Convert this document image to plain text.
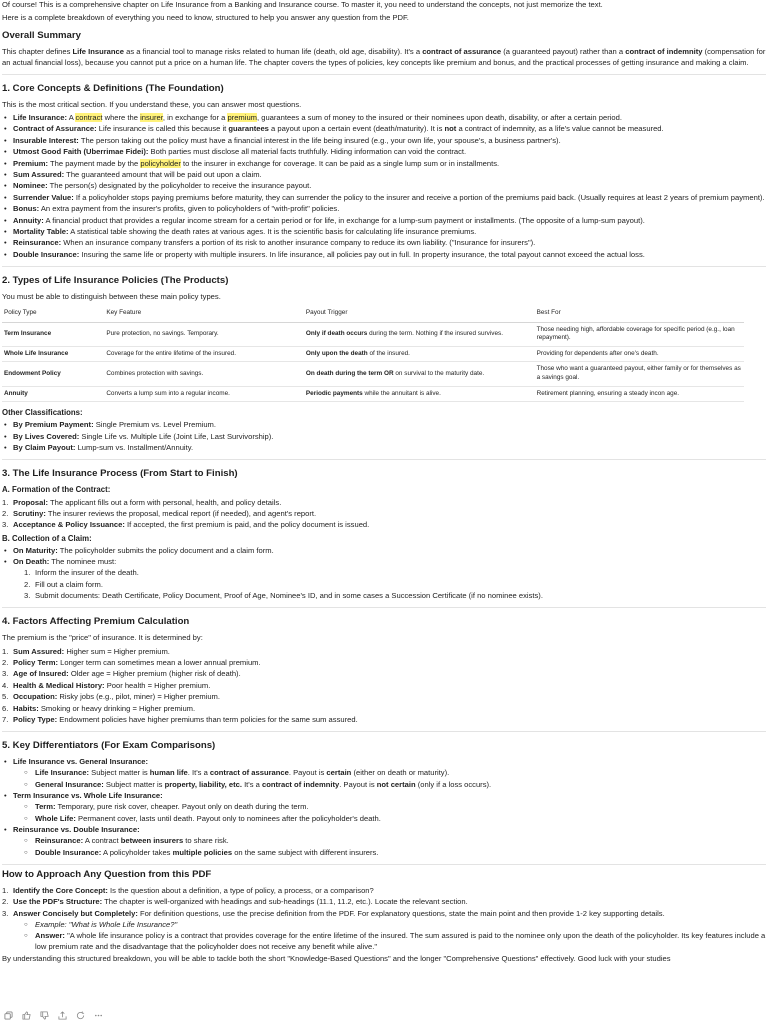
Of course! This is a comprehensive chapter on Life Insurance from a Banking and Insurance course. To master it, you need to understand the concepts, not just memorize the text.

Here is a complete breakdown of everything you need to know, structured to help you answer any question from the PDF.

Overall Summary

This chapter defines Life Insurance as a financial tool to manage risks related to human life (death, old age, disability). It's a contract of assurance (a guaranteed payout) rather than a contract of indemnity (compensation for an actual financial loss), because you cannot put a price on a human life. The chapter covers the types of policies, key concepts like premium and bonus, and the practical processes of getting insurance and making a claim.

1. Core Concepts & Definitions (The Foundation)

This is the most critical section. If you understand these, you can answer most questions.

• Life Insurance: A contract where the insurer, in exchange for a premium, guarantees a sum of money to the insured or their nominees upon death, disability, or after a certain period.
• Contract of Assurance: Life insurance is called this because it guarantees a payout upon a certain event (death/maturity). It is not a contract of indemnity, as a life's value cannot be measured.
• Insurable Interest: The person taking out the policy must have a financial interest in the life being insured (e.g., your own life, your spouse's, a business partner's).
• Utmost Good Faith (Uberrimae Fidei): Both parties must disclose all material facts truthfully. Hiding information can void the contract.
• Premium: The payment made by the policyholder to the insurer in exchange for coverage. It can be paid as a single lump sum or in installments.
• Sum Assured: The guaranteed amount that will be paid out upon a claim.
• Nominee: The person(s) designated by the policyholder to receive the insurance payout.
• Surrender Value: If a policyholder stops paying premiums before maturity, they can surrender the policy to the insurer and receive a portion of the premiums paid back. (Usually requires at least 2 years of premium payment).
• Bonus: An extra payment from the insurer's profits, given to policyholders of "with-profit" policies.
• Annuity: A financial product that provides a regular income stream for a certain period or for life, in exchange for a lump-sum payment or installments. (The opposite of a lump-sum payout).
• Mortality Table: A statistical table showing the death rates at various ages. It is the scientific basis for calculating life insurance premiums.
• Reinsurance: When an insurance company transfers a portion of its risk to another insurance company to reduce its own liability. ("Insurance for insurers").
• Double Insurance: Insuring the same life or property with multiple insurers. In life insurance, all policies pay out in full. In property insurance, the total payout cannot exceed the actual loss.
2. Types of Life Insurance Policies (The Products)

You must be able to distinguish between these main policy types.

Policy Type	Key Feature	Payout Trigger	Best For
Term Insurance	Pure protection, no savings. Temporary.	Only if death occurs during the term. Nothing if the insured survives.	Those needing high, affordable coverage for specific period (e.g., loan repayment).
Whole Life Insurance	Coverage for the entire lifetime of the insured.	Only upon the death of the insured.	Providing for dependents after one's death.
Endowment Policy	Combines protection with savings.	On death during the term OR on survival to the maturity date.	Those who want a guaranteed payout, either family or for themselves as a savings goal.
Annuity	Converts a lump sum into a regular income.	Periodic payments while the annuitant is alive.	Retirement planning, ensuring a steady incon age.
Other Classifications:
• By Premium Payment: Single Premium vs. Level Premium.
• By Lives Covered: Single Life vs. Multiple Life (Joint Life, Last Survivorship).
• By Claim Payout: Lump-sum vs. Installment/Annuity.
3. The Life Insurance Process (From Start to Finish)
A. Formation of the Contract:
1. Proposal: The applicant fills out a form with personal, health, and policy details.
2. Scrutiny: The insurer reviews the proposal, medical report (if needed), and agent's report.
3. Acceptance & Policy Issuance: If accepted, the first premium is paid, and the policy document is issued.
B. Collection of a Claim:
• On Maturity: The policyholder submits the policy document and a claim form.
• On Death: The nominee must:
1. Inform the insurer of the death.
2. Fill out a claim form.
3. Submit documents: Death Certificate, Policy Document, Proof of Age, Nominee's ID, and in some cases a Succession Certificate (if no nominee exists).
4. Factors Affecting Premium Calculation

The premium is the "price" of insurance. It is determined by:

1. Sum Assured: Higher sum = Higher premium.
2. Policy Term: Longer term can sometimes mean a lower annual premium.
3. Age of Insured: Older age = Higher premium (higher risk of death).
4. Health & Medical History: Poor health = Higher premium.
5. Occupation: Risky jobs (e.g., pilot, miner) = Higher premium.
6. Habits: Smoking or heavy drinking = Higher premium.
7. Policy Type: Endowment policies have higher premiums than term policies for the same sum assured.
5. Key Differentiators (For Exam Comparisons)
• Life Insurance vs. General Insurance:
○ Life Insurance: Subject matter is human life. It's a contract of assurance. Payout is certain (either on death or maturity).
○ General Insurance: Subject matter is property, liability, etc. It's a contract of indemnity. Payout is not certain (only if a loss occurs).
• Term Insurance vs. Whole Life Insurance:
○ Term: Temporary, pure risk cover, cheaper. Payout only on death during the term.
○ Whole Life: Permanent cover, lasts until death. Payout only to nominees after the policyholder's death.
• Reinsurance vs. Double Insurance:
○ Reinsurance: A contract between insurers to share risk.
○ Double Insurance: A policyholder takes multiple policies on the same subject with different insurers.
How to Approach Any Question from this PDF
1. Identify the Core Concept: Is the question about a definition, a type of policy, a process, or a comparison?
2. Use the PDF's Structure: The chapter is well-organized with headings and sub-headings (11.1, 11.2, etc.). Locate the relevant section.
3. Answer Concisely but Completely: For definition questions, use the precise definition from the PDF. For explanatory questions, state the main point and then provide 1-2 key supporting details.
○ Example: "What is Whole Life Insurance?"
○ Answer: "A whole life insurance policy is a contract that provides coverage for the entire lifetime of the insured. The sum assured is paid to the nominee only upon the death of the policyholder. Its key features include a low premium rate and the disadvantage that the policyholder does not receive any benefit while alive."

By understanding this structured breakdown, you will be able to tackle both the short "Knowledge-Based Questions" and the longer "Comprehensive Questions" effectively. Good luck with your studies
